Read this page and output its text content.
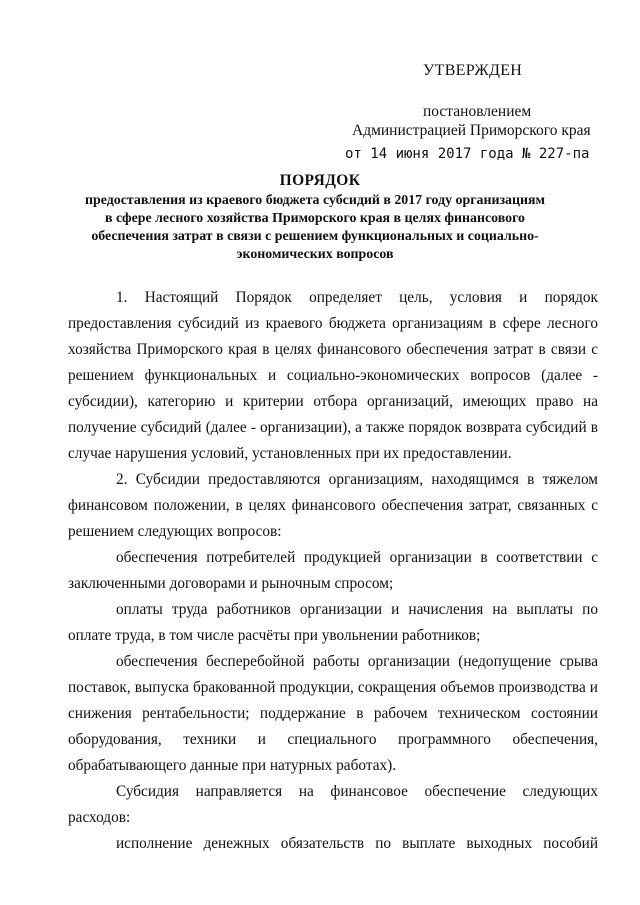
УТВЕРЖДЕН
постановлением
Администрацией Приморского края
от 14 июня 2017 года № 227-па
ПОРЯДОК
предоставления из краевого бюджета субсидий в 2017 году организациям в сфере лесного хозяйства Приморского края в целях финансового обеспечения затрат в связи с решением функциональных и социально-экономических вопросов

1. Настоящий Порядок определяет цель, условия и порядок предоставления субсидий из краевого бюджета организациям в сфере лесного хозяйства Приморского края в целях финансового обеспечения затрат в связи с решением функциональных и социально-экономических вопросов (далее - субсидии), категорию и критерии отбора организаций, имеющих право на получение субсидий (далее - организации), а также порядок возврата субсидий в случае нарушения условий, установленных при их предоставлении.

2. Субсидии предоставляются организациям, находящимся в тяжелом финансовом положении, в целях финансового обеспечения затрат, связанных с решением следующих вопросов:

обеспечения потребителей продукцией организации в соответствии с заключенными договорами и рыночным спросом;

оплаты труда работников организации и начисления на выплаты по оплате труда, в том числе расчёты при увольнении работников;

обеспечения бесперебойной работы организации (недопущение срыва поставок, выпуска бракованной продукции, сокращения объемов производства и снижения рентабельности; поддержание в рабочем техническом состоянии оборудования, техники и специального программного обеспечения, обрабатывающего данные при натурных работах).

Субсидия направляется на финансовое обеспечение следующих расходов:

исполнение денежных обязательств по выплате выходных пособий
